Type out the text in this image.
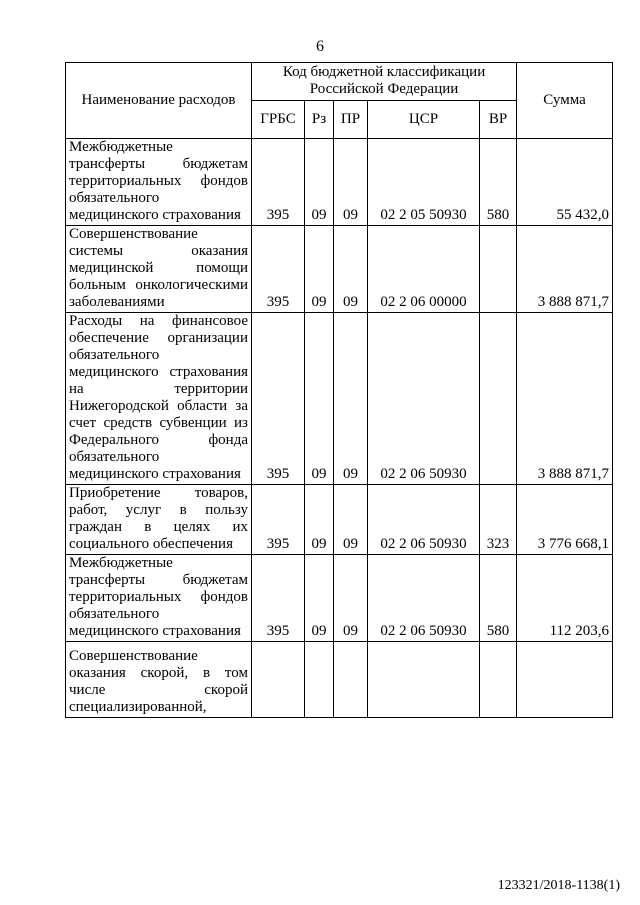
6
Наименование расходов	Код бюджетной классификации Российской Федерации					Сумма
	ГРБС	Рз	ПР	ЦСР	ВР	
Межбюджетные трансферты бюджетам территориальных фондов обязательного медицинского страхования	395	09	09	02 2 05 50930	580	55 432,0
Совершенствование системы оказания медицинской помощи больным онкологическими заболеваниями	395	09	09	02 2 06 00000		3 888 871,7
Расходы на финансовое обеспечение организации обязательного медицинского страхования на территории Нижегородской области за счет средств субвенции из Федерального фонда обязательного медицинского страхования	395	09	09	02 2 06 50930		3 888 871,7
Приобретение товаров, работ, услуг в пользу граждан в целях их социального обеспечения	395	09	09	02 2 06 50930	323	3 776 668,1
Межбюджетные трансферты бюджетам территориальных фондов обязательного медицинского страхования	395	09	09	02 2 06 50930	580	112 203,6
Совершенствование оказания скорой, в том числе скорой специализированной,						
123321/2018-1138(1)
